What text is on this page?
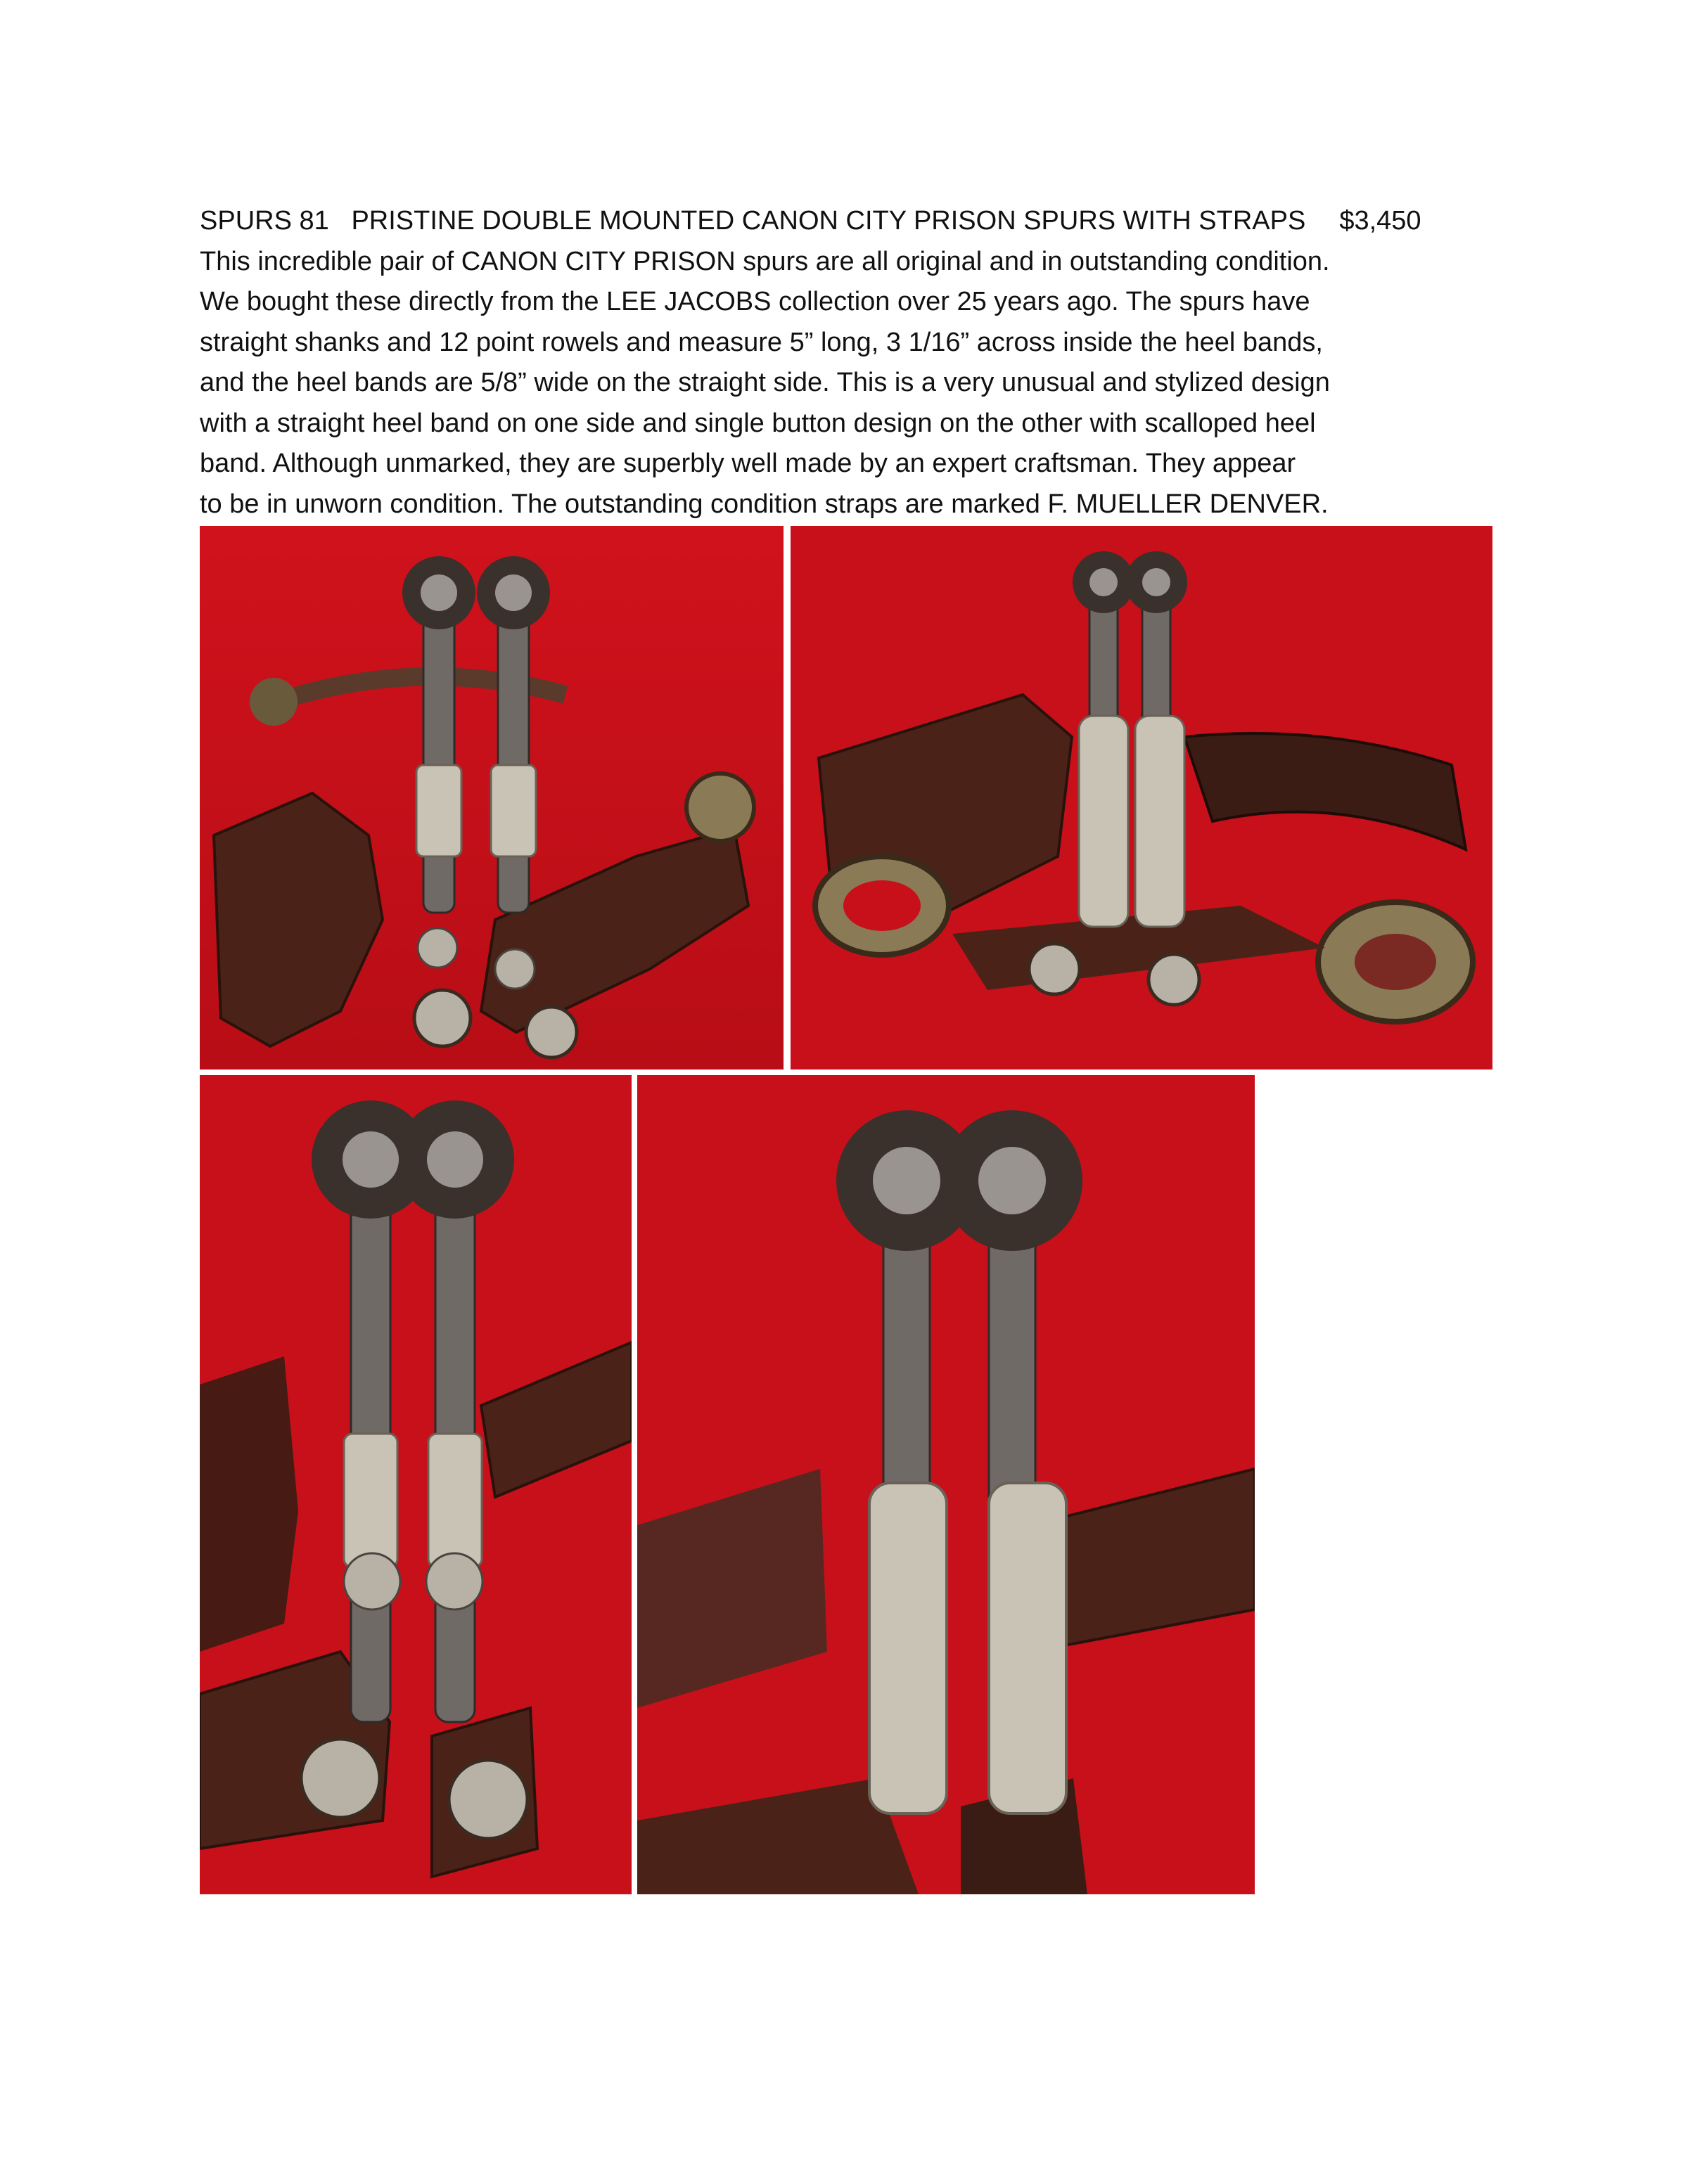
SPURS 81 PRISTINE DOUBLE MOUNTED CANON CITY PRISON SPURS WITH STRAPS $3,450
This incredible pair of CANON CITY PRISON spurs are all original and in outstanding condition.
We bought these directly from the LEE JACOBS collection over 25 years ago. The spurs have
straight shanks and 12 point rowels and measure 5” long, 3 1/16” across inside the heel bands,
and the heel bands are 5/8” wide on the straight side. This is a very unusual and stylized design
with a straight heel band on one side and single button design on the other with scalloped heel
band. Although unmarked, they are superbly well made by an expert craftsman. They appear
to be in unworn condition. The outstanding condition straps are marked F. MUELLER DENVER.
